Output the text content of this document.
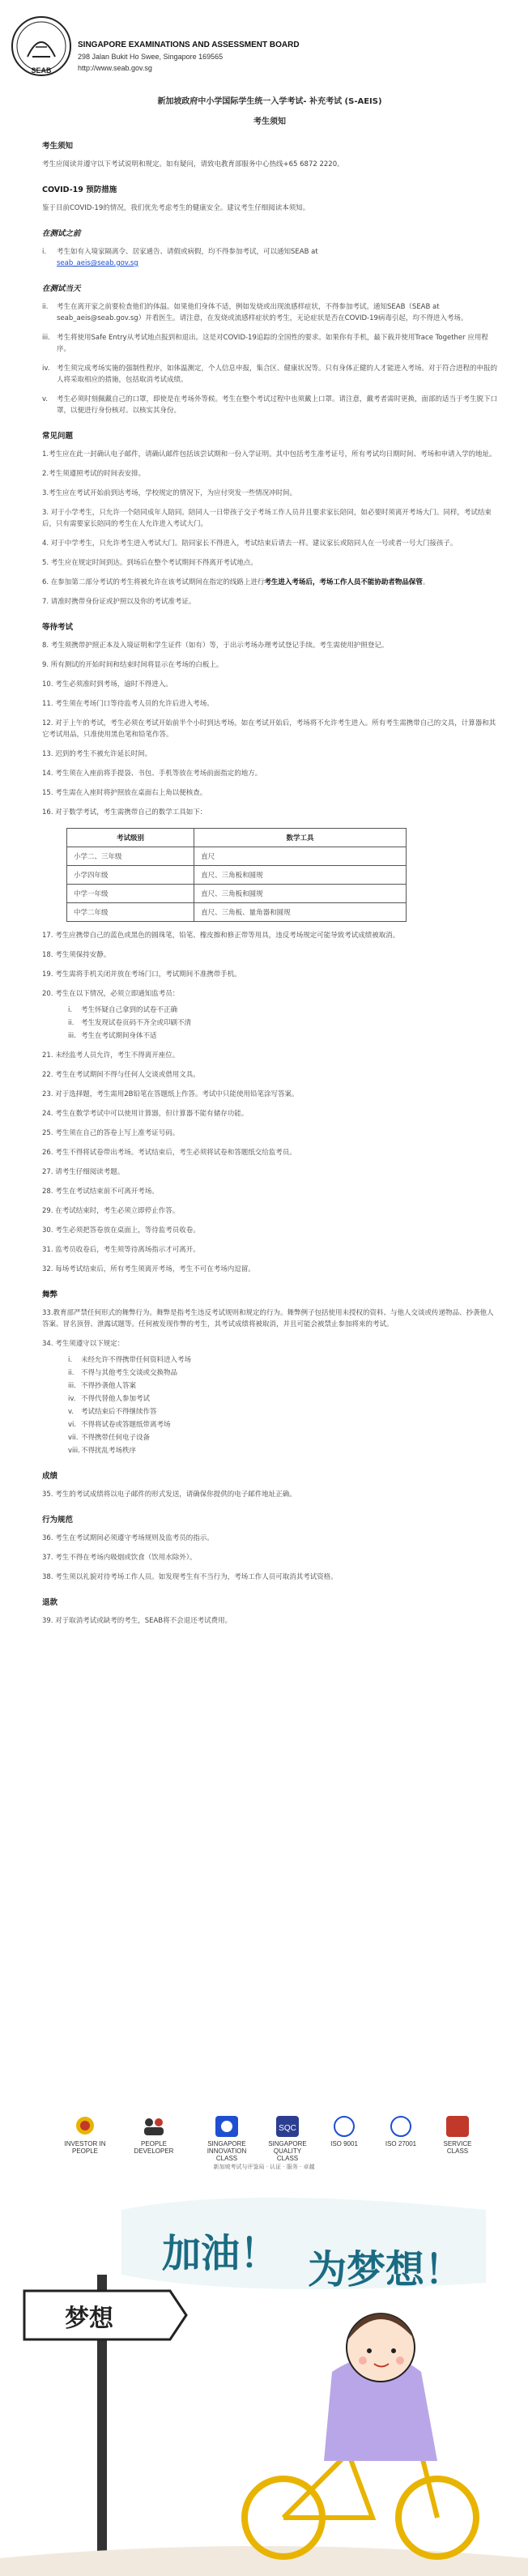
SEAB
SINGAPORE EXAMINATIONS AND ASSESSMENT BOARD
298 Jalan Bukit Ho Swee, Singapore 169565
http://www.seab.gov.sg
新加坡政府中小学国际学生统一入学考试- 补充考试 (S-AEIS)
考生须知
考生须知

考生应阅读并遵守以下考试说明和规定。如有疑问，请致电教育部服务中心热线+65 6872 2220。

COVID-19 预防措施

鉴于目前COVID-19的情况，我们优先考虑考生的健康安全。建议考生仔细阅读本须知。

在测试之前
i. 考生如有入境家隔离令、居家通告、请假或病假，均不得参加考试，可以通知SEAB at
seab_aeis@seab.gov.sg
在测试当天
ii. 考生在离开家之前要检查他们的体温。如果他们身体不适，例如发烧或出现流感样症状，不得参加考试。通知SEAB（SEAB at seab_aeis@seab.gov.sg）并看医生。请注意，在发烧或流感样症状的考生，无论症状是否在COVID-19病毒引起，均不得进入考场。
iii. 考生将使用Safe Entry从考试地点报到和退出。这是对COVID-19追踪的全国性的要求。如果你有手机，最下载并使用Trace Together 应用程序。
iv. 考生须完成考场实施的强制性程序，如体温测定，个人信息申报，集合区、健康状况等。只有身体正健的人才能进入考场。对于符合进程的申报的人将采取相应的措施，包括取消考试成绩。
v. 考生必须时刻佩戴自己的口罩，即使是在考场外等候。考生在整个考试过程中也须戴上口罩。请注意，戴考者需时更换，面部的适当于考生脱下口罩，以便进行身份核对。以核实其身份。
常见问题

1.考生应在此一封确认电子邮件，请确认邮件包括该尝试期和一份入学证明。其中包括考生准考证号，所有考试均日期时间、考场和申请入学的地址。

2.考生须遵照考试的时间表安排。

3.考生应在考试开始前到达考场，学校规定的情况下，为应付突发一些情况冲时间。

3. 对于小学考生，只允许一个陪同成年人陪同。陪同人一日带孩子交子考场工作人员并且要求家长陪同，如必要时须离开考场大门。同样，考试结束后，只有需要家长陪同的考生在人允许进入考试大门。

4. 对于中学考生，只允许考生进入考试大门。陪同家长不得进入，考试结束后请去一样。建议家长或陪同人在一号或者一号大门接孩子。

5. 考生应在规定时间到达。到场后在整个考试期间不得离开考试地点。

6. 在参加第二部分考试的考生将被允许在该考试期间在指定的线路上进行考生进入考场后，考场工作人员不能协助者物品保管。

7. 请准时携带身份证或护照以及你的考试准考证。

等待考试

8. 考生须携带护照正本及入境证明和学生证件（如有）等，于出示考场办理考试登记手续。考生需使用护照登记。

9. 所有测试的开始时间和结束时间将显示在考场的白板上。

10. 考生必须准时到考场，逾时不得进入。

11. 考生须在考场门口等待监考人员的允许后进入考场。

12. 对于上午的考试，考生必须在考试开始前半个小时到达考场。如在考试开始后，考场将不允许考生进入。所有考生需携带自己的文具，计算器和其它考试用品，只准使用黑色笔和铅笔作答。

13. 迟到的考生不被允许延长时间。

14. 考生须在入座前将手提袋、书包、手机等放在考场前面指定的地方。

15. 考生需在入座时将护照放在桌面右上角以便核查。

16. 对于数学考试，考生需携带自己的数学工具如下：

考试级别	数学工具
小学二、三年级	直尺
小学四年级	直尺、三角板和圆规
中学一年级	直尺、三角板和圆规
中学二年级	直尺、三角板、量角器和圆规

17. 考生应携带自己的蓝色或黑色的圆珠笔，铅笔、橡皮擦和修正带等用具，违反考场规定可能导致考试成绩被取消。

18. 考生须保持安静。

19. 考生需将手机关闭并放在考场门口，考试期间不准携带手机。

20. 考生在以下情况，必须立即通知监考员：

i. 考生怀疑自己拿到的试卷不正确
ii. 考生发现试卷页码不齐全或印刷不清
iii. 考生在考试期间身体不适

21. 未经监考人员允许，考生不得离开座位。

22. 考生在考试期间不得与任何人交谈或借用文具。

23. 对于选择题，考生需用2B铅笔在答题纸上作答。考试中只能使用铅笔涂写答案。

24. 考生在数学考试中可以使用计算器，但计算器不能有储存功能。

25. 考生须在自己的答卷上写上准考证号码。

26. 考生不得将试卷带出考场。考试结束后，考生必须将试卷和答题纸交给监考员。

27. 请考生仔细阅读考题。

28. 考生在考试结束前不可离开考场。

29. 在考试结束时，考生必须立即停止作答。

30. 考生必须把答卷放在桌面上，等待监考员收卷。

31. 监考员收卷后，考生须等待离场指示才可离开。

32. 每场考试结束后，所有考生须离开考场，考生不可在考场内逗留。

舞弊

33.教育部严禁任何形式的舞弊行为。舞弊是指考生违反考试规则和规定的行为。舞弊例子包括使用未授权的资料、与他人交谈或传递物品、抄袭他人答案、冒名顶替、泄露试题等。任何被发现作弊的考生，其考试成绩将被取消，并且可能会被禁止参加将来的考试。

34. 考生须遵守以下规定：

i. 未经允许不得携带任何资料进入考场
ii. 不得与其他考生交谈或交换物品
iii. 不得抄袭他人答案
iv. 不得代替他人参加考试
v. 考试结束后不得继续作答
vi. 不得将试卷或答题纸带离考场
vii. 不得携带任何电子设备
viii. 不得扰乱考场秩序
成绩

35. 考生的考试成绩将以电子邮件的形式发送，请确保你提供的电子邮件地址正确。

行为规范

36. 考生在考试期间必须遵守考场规则及监考员的指示。

37. 考生不得在考场内吸烟或饮食（饮用水除外）。

38. 考生须以礼貌对待考场工作人员。如发现考生有不当行为，考场工作人员可取消其考试资格。

退款

39. 对于取消考试或缺考的考生，SEAB将不会退还考试费用。

INVESTOR IN PEOPLE
PEOPLE DEVELOPER
SINGAPORE INNOVATION CLASS
SQC
SINGAPORE QUALITY CLASS
ISO 9001	ISO 27001	SERVICE CLASS
新加坡考试与评鉴局 · 认证 · 服务 · 卓越
加油！ 为梦想！
梦想
